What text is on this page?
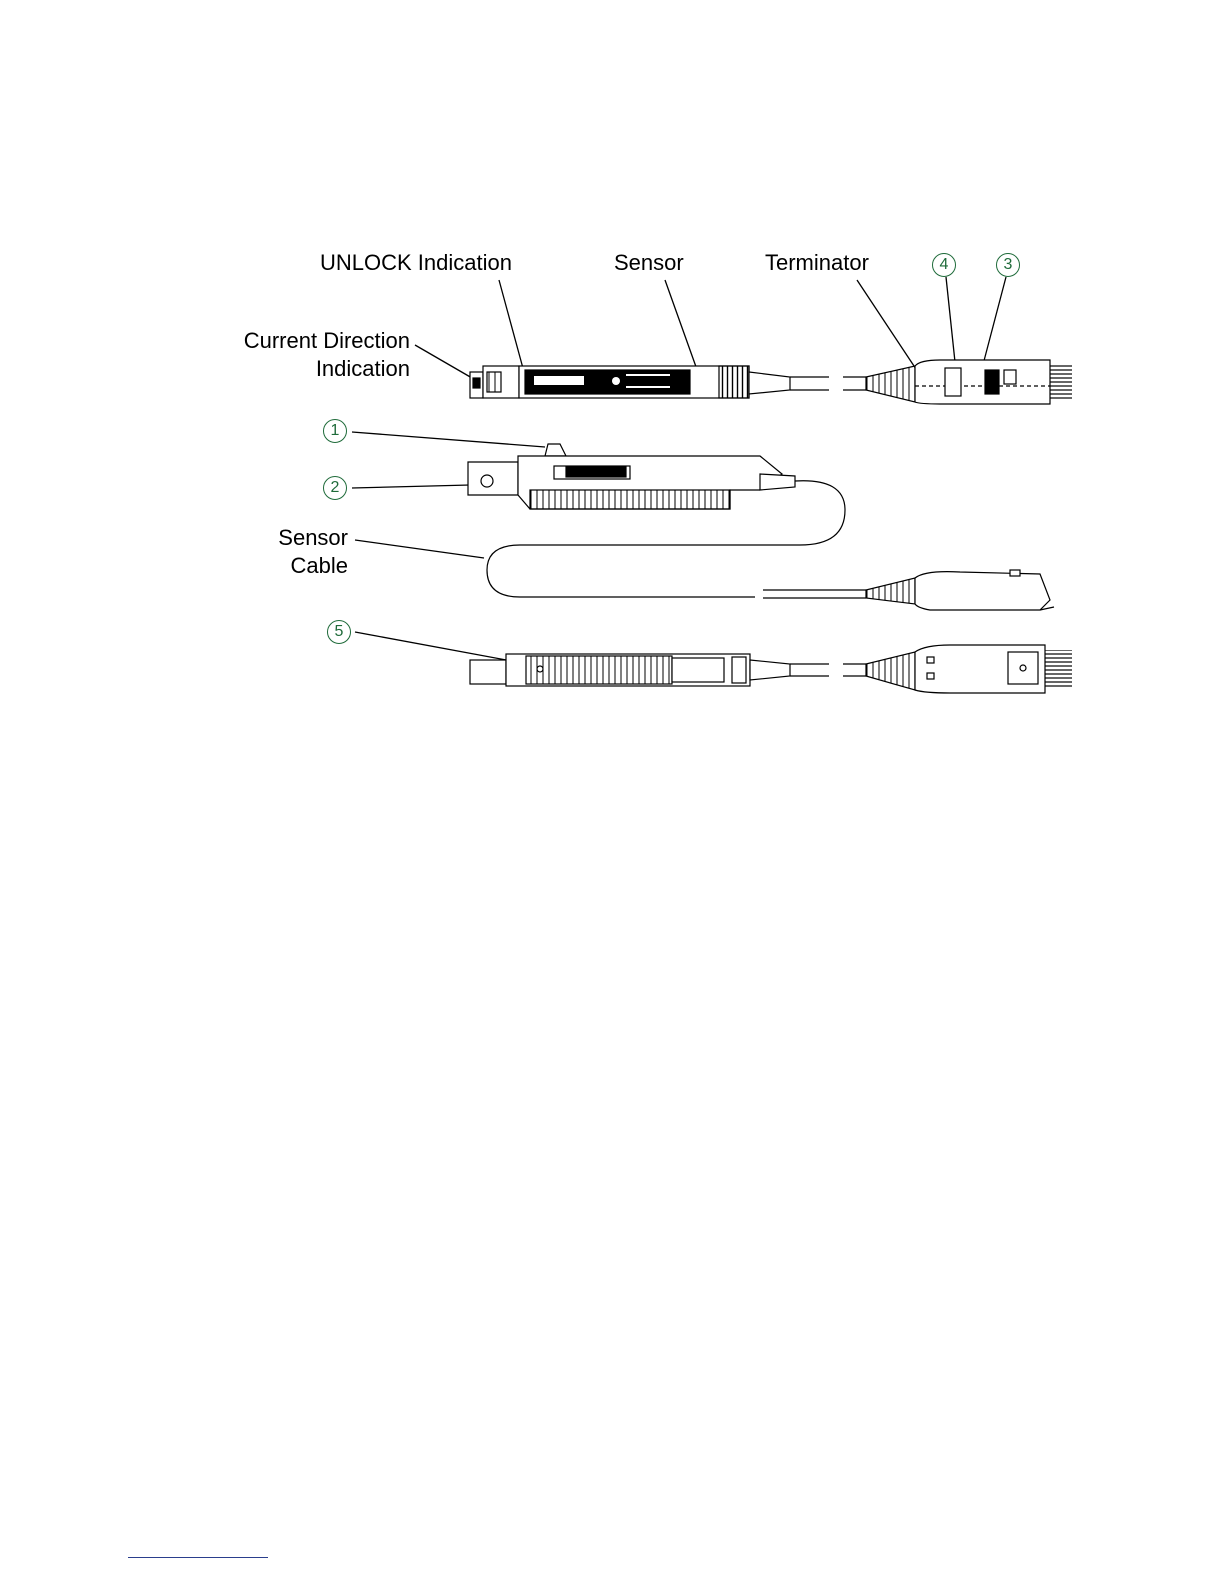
UNLOCK Indication	Sensor	Terminator
Current Direction
Indication
Sensor
Cable
1
2
3
4
5
